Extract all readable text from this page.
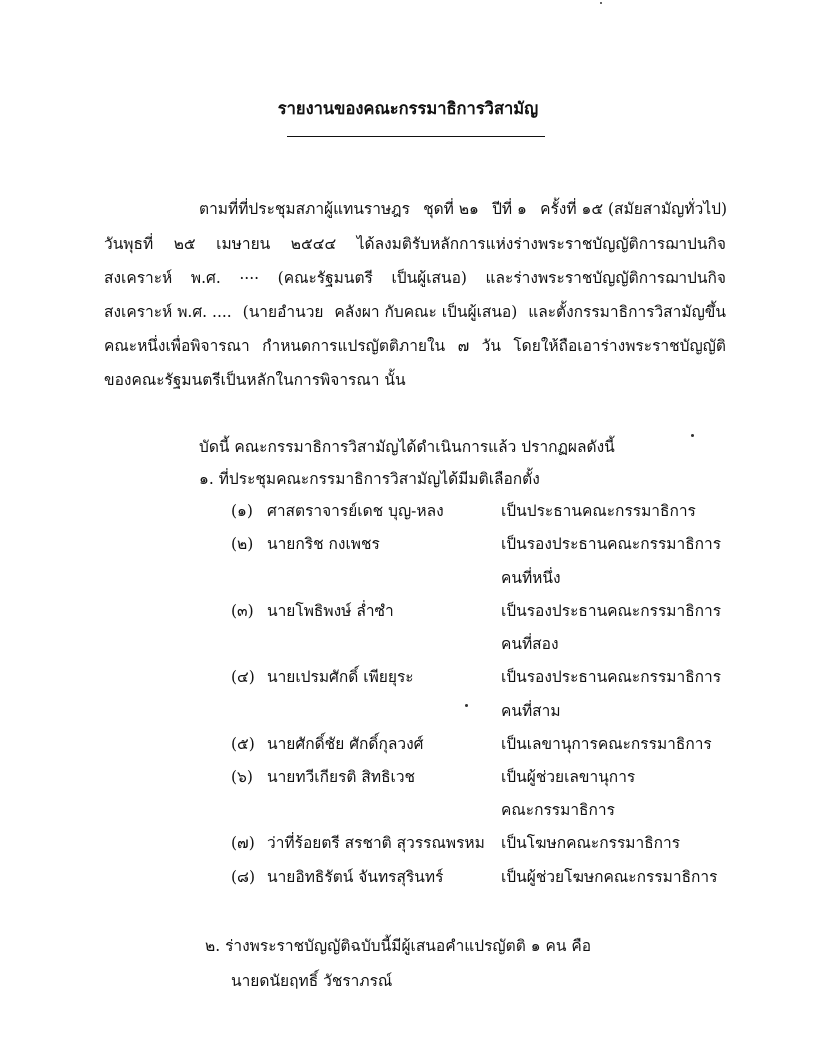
รายงานของคณะกรรมาธิการวิสามัญ
ตามที่ที่ประชุมสภาผู้แทนราษฎร ชุดที่ ๒๑ ปีที่ ๑ ครั้งที่ ๑๕ (สมัยสามัญทั่วไป)
วันพุธที่ ๒๕ เมษายน ๒๕๔๔ ได้ลงมติรับหลักการแห่งร่างพระราชบัญญัติการฌาปนกิจ
สงเคราะห์ พ.ศ. .... (คณะรัฐมนตรี เป็นผู้เสนอ) และร่างพระราชบัญญัติการฌาปนกิจ
สงเคราะห์ พ.ศ. .... (นายอำนวย คลังผา กับคณะ เป็นผู้เสนอ) และตั้งกรรมาธิการวิสามัญขึ้น
คณะหนึ่งเพื่อพิจารณา กำหนดการแปรญัตติภายใน ๗ วัน โดยให้ถือเอาร่างพระราชบัญญัติ
ของคณะรัฐมนตรีเป็นหลักในการพิจารณา นั้น
บัดนี้ คณะกรรมาธิการวิสามัญได้ดำเนินการแล้ว ปรากฏผลดังนี้
๑. ที่ประชุมคณะกรรมาธิการวิสามัญได้มีมติเลือกตั้ง
(๑) ศาสตราจารย์เดช บุญ-หลง	เป็นประธานคณะกรรมาธิการ
(๒) นายกริช กงเพชร	เป็นรองประธานคณะกรรมาธิการ
คนที่หนึ่ง
(๓) นายโพธิพงษ์ ล่ำซำ	เป็นรองประธานคณะกรรมาธิการ
คนที่สอง
(๔) นายเปรมศักดิ์ เพียยุระ	เป็นรองประธานคณะกรรมาธิการ
คนที่สาม
(๕) นายศักดิ์ชัย ศักดิ์กุลวงศ์	เป็นเลขานุการคณะกรรมาธิการ
(๖) นายทวีเกียรติ สิทธิเวช	เป็นผู้ช่วยเลขานุการ
คณะกรรมาธิการ
(๗) ว่าที่ร้อยตรี สรชาติ สุวรรณพรหม เป็นโฆษกคณะกรรมาธิการ
(๘) นายอิทธิรัตน์ จันทรสุรินทร์	เป็นผู้ช่วยโฆษกคณะกรรมาธิการ
๒. ร่างพระราชบัญญัติฉบับนี้มีผู้เสนอคำแปรญัตติ ๑ คน คือ
นายดนัยฤทธิ์ วัชราภรณ์
